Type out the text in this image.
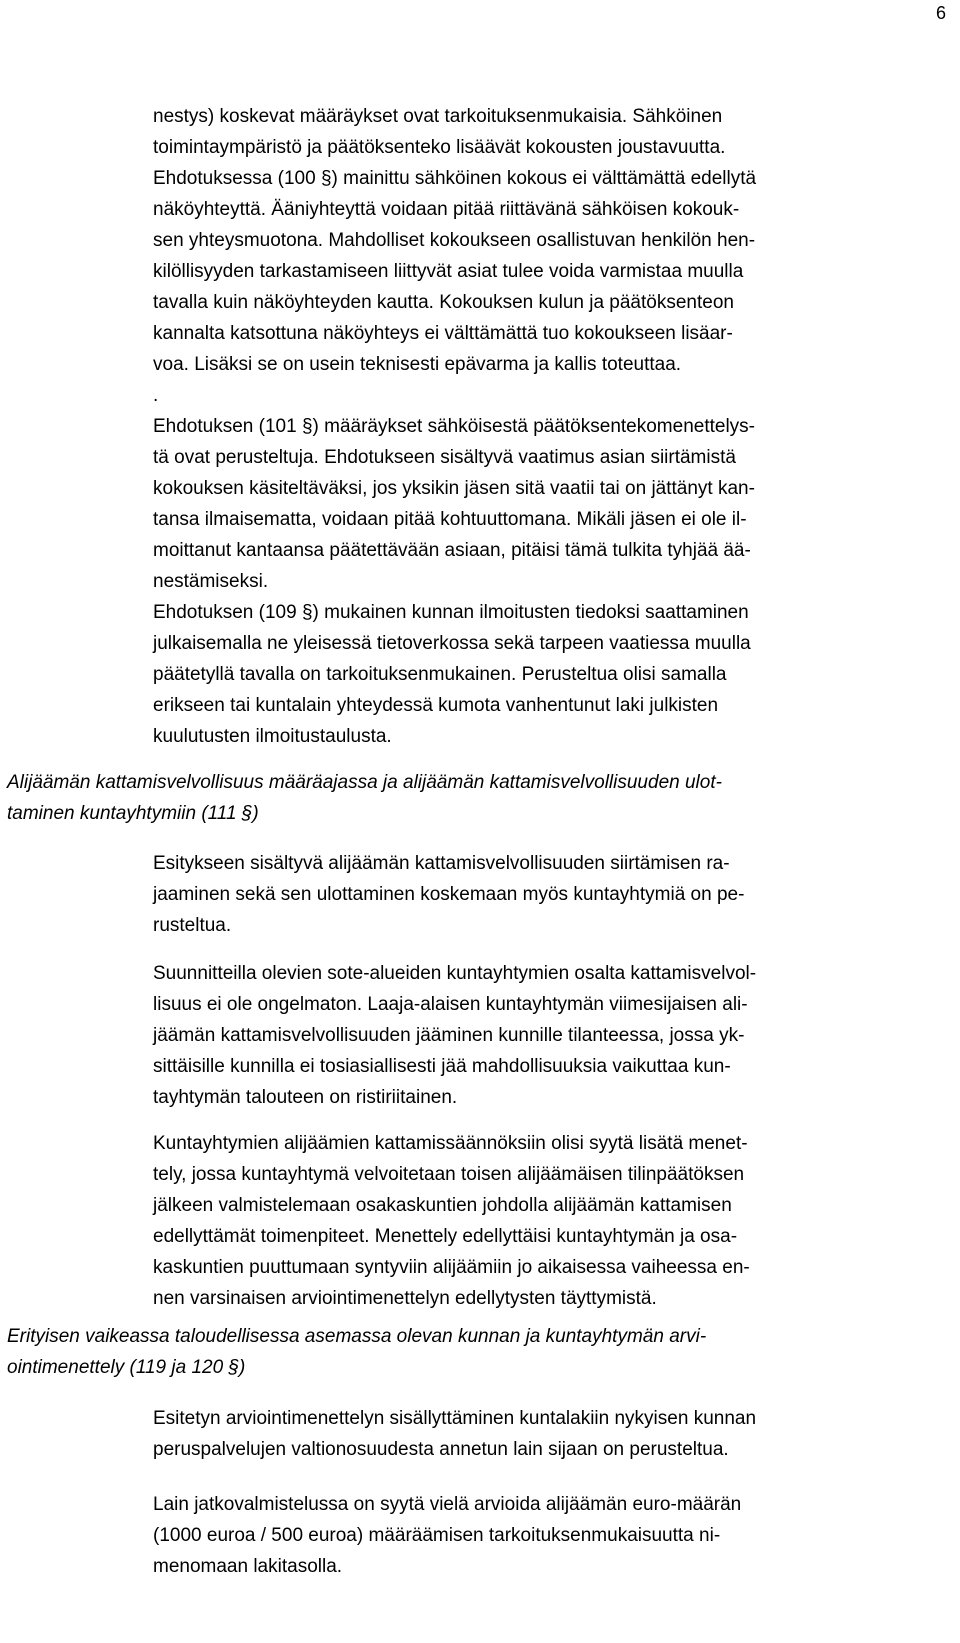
6

nestys) koskevat määräykset ovat tarkoituksenmukaisia. Sähköinen
toimintaympäristö ja päätöksenteko lisäävät kokousten joustavuutta.

Ehdotuksessa (100 §) mainittu sähköinen kokous ei välttämättä edellytä
näköyhteyttä. Ääniyhteyttä voidaan pitää riittävänä sähköisen kokouk-
sen yhteysmuotona. Mahdolliset kokoukseen osallistuvan henkilön hen-
kilöllisyyden tarkastamiseen liittyvät asiat tulee voida varmistaa muulla
tavalla kuin näköyhteyden kautta. Kokouksen kulun ja päätöksenteon
kannalta katsottuna näköyhteys ei välttämättä tuo kokoukseen lisäar-
voa. Lisäksi se on usein teknisesti epävarma ja kallis toteuttaa.
.
Ehdotuksen (101 §) määräykset sähköisestä päätöksentekomenettelys-
tä ovat perusteltuja. Ehdotukseen sisältyvä vaatimus asian siirtämistä
kokouksen käsiteltäväksi, jos yksikin jäsen sitä vaatii tai on jättänyt kan-
tansa ilmaisematta, voidaan pitää kohtuuttomana. Mikäli jäsen ei ole il-
moittanut kantaansa päätettävään asiaan, pitäisi tämä tulkita tyhjää ää-
nestämiseksi.

Ehdotuksen (109 §) mukainen kunnan ilmoitusten tiedoksi saattaminen
julkaisemalla ne yleisessä tietoverkossa sekä tarpeen vaatiessa muulla
päätetyllä tavalla on tarkoituksenmukainen. Perusteltua olisi samalla
erikseen tai kuntalain yhteydessä kumota vanhentunut laki julkisten
kuulutusten ilmoitustaulusta.

Alijäämän kattamisvelvollisuus määräajassa ja alijäämän kattamisvelvollisuuden ulot-
taminen kuntayhtymiin (111 §)

Esitykseen sisältyvä alijäämän kattamisvelvollisuuden siirtämisen ra-
jaaminen sekä sen ulottaminen koskemaan myös kuntayhtymiä on pe-
rusteltua.

Suunnitteilla olevien sote-alueiden kuntayhtymien osalta kattamisvelvol-
lisuus ei ole ongelmaton. Laaja-alaisen kuntayhtymän viimesijaisen ali-
jäämän kattamisvelvollisuuden jääminen kunnille tilanteessa, jossa yk-
sittäisille kunnilla ei tosiasiallisesti jää mahdollisuuksia vaikuttaa kun-
tayhtymän talouteen on ristiriitainen.

Kuntayhtymien alijäämien kattamissäännöksiin olisi syytä lisätä menet-
tely, jossa kuntayhtymä velvoitetaan toisen alijäämäisen tilinpäätöksen
jälkeen valmistelemaan osakaskuntien johdolla alijäämän kattamisen
edellyttämät toimenpiteet. Menettely edellyttäisi kuntayhtymän ja osa-
kaskuntien puuttumaan syntyviin alijäämiin jo aikaisessa vaiheessa en-
nen varsinaisen arviointimenettelyn edellytysten täyttymistä.

Erityisen vaikeassa taloudellisessa asemassa olevan kunnan ja kuntayhtymän arvi-
ointimenettely (119 ja 120 §)

Esitetyn arviointimenettelyn sisällyttäminen kuntalakiin nykyisen kunnan
peruspalvelujen valtionosuudesta annetun lain sijaan on perusteltua.

Lain jatkovalmistelussa on syytä vielä arvioida alijäämän euro-määrän
(1000 euroa / 500 euroa) määräämisen tarkoituksenmukaisuutta ni-
menomaan lakitasolla.
